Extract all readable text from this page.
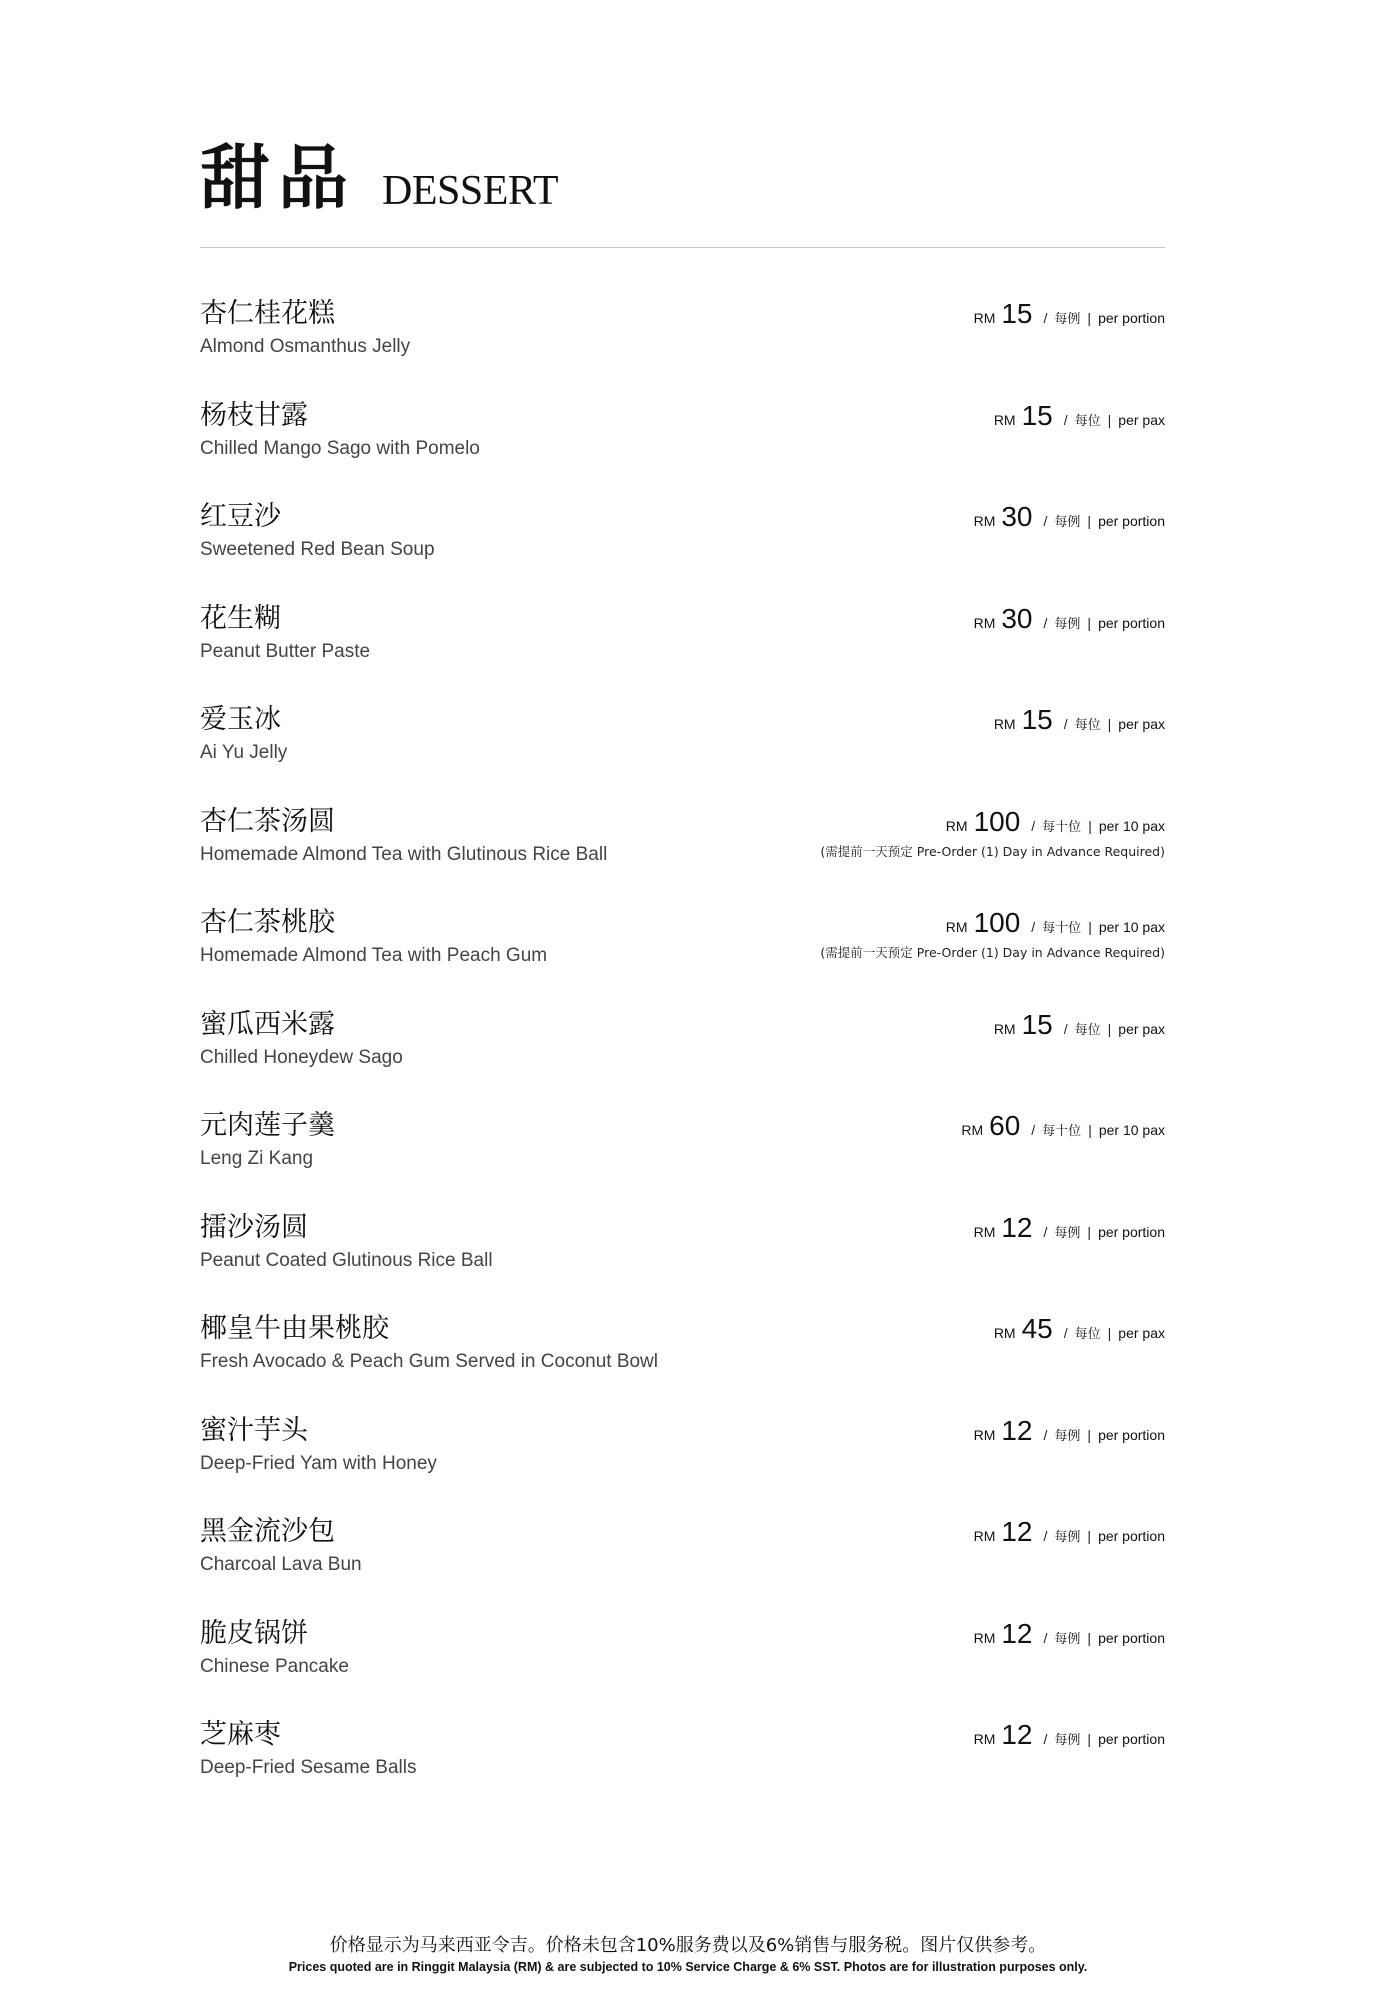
甜品 DESSERT
杏仁桂花糕
Almond Osmanthus Jelly
RM 15 / 每例 | per portion
杨枝甘露
Chilled Mango Sago with Pomelo
RM 15 / 每位 | per pax
红豆沙
Sweetened Red Bean Soup
RM 30 / 每例 | per portion
花生糊
Peanut Butter Paste
RM 30 / 每例 | per portion
爱玉冰
Ai Yu Jelly
RM 15 / 每位 | per pax
杏仁茶汤圆
Homemade Almond Tea with Glutinous Rice Ball
RM 100 / 每十位 | per 10 pax
(需提前一天预定 Pre-Order (1) Day in Advance Required)
杏仁茶桃胶
Homemade Almond Tea with Peach Gum
RM 100 / 每十位 | per 10 pax
(需提前一天预定 Pre-Order (1) Day in Advance Required)
蜜瓜西米露
Chilled Honeydew Sago
RM 15 / 每位 | per pax
元肉莲子羹
Leng Zi Kang
RM 60 / 每十位 | per 10 pax
擂沙汤圆
Peanut Coated Glutinous Rice Ball
RM 12 / 每例 | per portion
椰皇牛由果桃胶
Fresh Avocado & Peach Gum Served in Coconut Bowl
RM 45 / 每位 | per pax
蜜汁芋头
Deep-Fried Yam with Honey
RM 12 / 每例 | per portion
黑金流沙包
Charcoal Lava Bun
RM 12 / 每例 | per portion
脆皮锅饼
Chinese Pancake
RM 12 / 每例 | per portion
芝麻枣
Deep-Fried Sesame Balls
RM 12 / 每例 | per portion
价格显示为马来西亚令吉。价格未包含10%服务费以及6%销售与服务税。图片仅供参考。
Prices quoted are in Ringgit Malaysia (RM) & are subjected to 10% Service Charge & 6% SST. Photos are for illustration purposes only.
